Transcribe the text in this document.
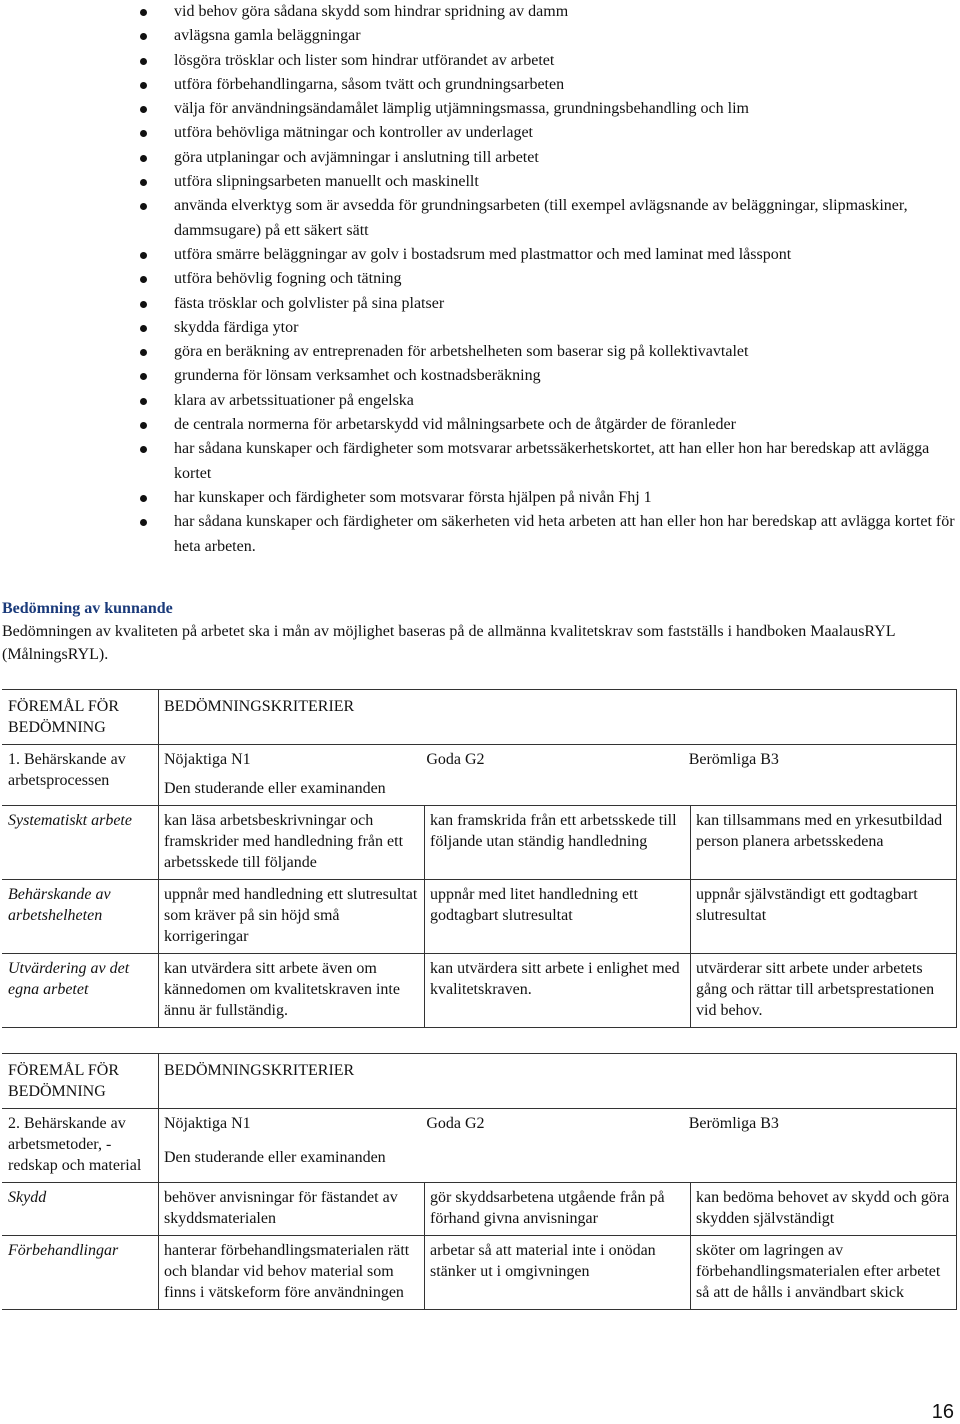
vid behov göra sådana skydd som hindrar spridning av damm
avlägsna gamla beläggningar
lösgöra trösklar och lister som hindrar utförandet av arbetet
utföra förbehandlingarna, såsom tvätt och grundningsarbeten
välja för användningsändamålet lämplig utjämningsmassa, grundningsbehandling och lim
utföra behövliga mätningar och kontroller av underlaget
göra utplaningar och avjämningar i anslutning till arbetet
utföra slipningsarbeten manuellt och maskinellt
använda elverktyg som är avsedda för grundningsarbeten (till exempel avlägsnande av beläggningar, slipmaskiner, dammsugare) på ett säkert sätt
utföra smärre beläggningar av golv i bostadsrum med plastmattor och med laminat med låsspont
utföra behövlig fogning och tätning
fästa trösklar och golvlister på sina platser
skydda färdiga ytor
göra en beräkning av entreprenaden för arbetshelheten som baserar sig på kollektivavtalet
grunderna för lönsam verksamhet och kostnadsberäkning
klara av arbetssituationer på engelska
de centrala normerna för arbetarskydd vid målningsarbete och de åtgärder de föranleder
har sådana kunskaper och färdigheter som motsvarar arbetssäkerhetskortet, att han eller hon har beredskap att avlägga kortet
har kunskaper och färdigheter som motsvarar första hjälpen på nivån Fhj 1
har sådana kunskaper och färdigheter om säkerheten vid heta arbeten att han eller hon har beredskap att avlägga kortet för heta arbeten.
Bedömning av kunnande

Bedömningen av kvaliteten på arbetet ska i mån av möjlighet baseras på de allmänna kvalitetskrav som fastställs i handboken MaalausRYL (MålningsRYL).

FÖREMÅL FÖR BEDÖMNING	BEDÖMNINGSKRITERIER		
1. Behärskande av arbetsprocessen	Nöjaktiga N1 Goda G2 Berömliga B3		

	Den studerande eller examinanden		
Systematiskt arbete	kan läsa arbetsbeskrivningar och framskrider med handledning från ett arbetsskede till följande	kan framskrida från ett arbetsskede till följande utan ständig handledning	kan tillsammans med en yrkesutbildad person planera arbetsskedena
Behärskande av arbetshelheten	uppnår med handledning ett slutresultat som kräver på sin höjd små korrigeringar	uppnår med litet handledning ett godtagbart slutresultat	uppnår självständigt ett godtagbart slutresultat
Utvärdering av det egna arbetet	kan utvärdera sitt arbete även om kännedomen om kvalitetskraven inte ännu är fullständig.	kan utvärdera sitt arbete i enlighet med kvalitetskraven.	utvärderar sitt arbete under arbetets gång och rättar till arbetsprestationen vid behov.
FÖREMÅL FÖR BEDÖMNING	BEDÖMNINGSKRITERIER		
2. Behärskande av arbetsmetoder, -redskap och material	Nöjaktiga N1 Goda G2 Berömliga B3		

	Den studerande eller examinanden		
Skydd	behöver anvisningar för fästandet av skyddsmaterialen	gör skyddsarbetena utgående från på förhand givna anvisningar	kan bedöma behovet av skydd och göra skydden självständigt
Förbehandlingar	hanterar förbehandlingsmaterialen rätt och blandar vid behov material som finns i vätskeform före användningen	arbetar så att material inte i onödan stänker ut i omgivningen	sköter om lagringen av förbehandlingsmaterialen efter arbetet så att de hålls i användbart skick
16
